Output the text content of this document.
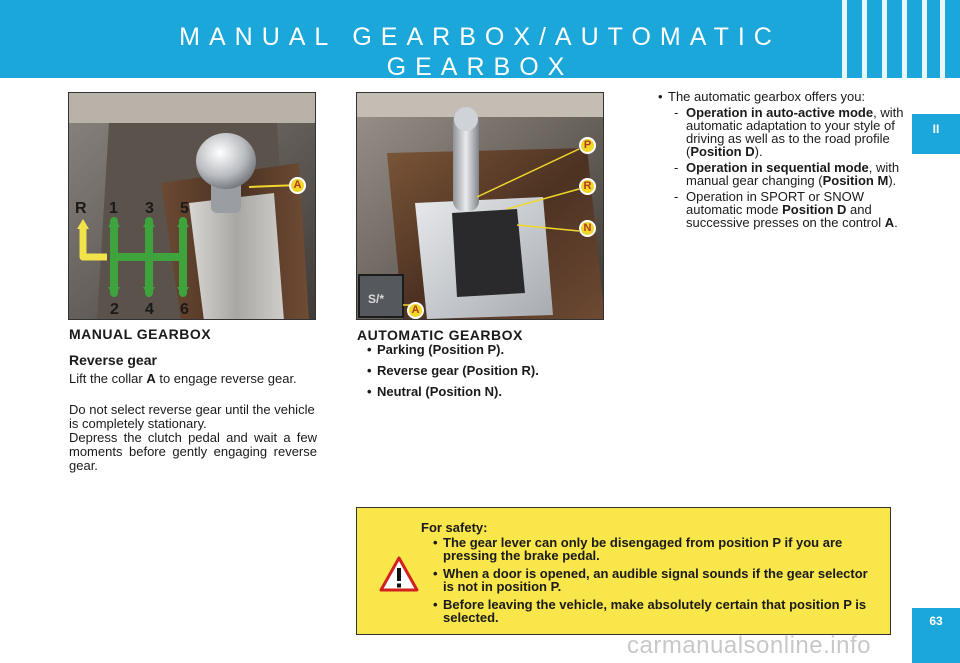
MANUAL GEARBOX/AUTOMATIC
GEARBOX
II
63
R 1 3 5
2 4 6
A
S/*
P
R
N
A
MANUAL GEARBOX
Reverse gear
Lift the collar A to engage reverse gear.
Do not select reverse gear until the vehicle is completely stationary.
Depress the clutch pedal and wait a few moments before gently engaging reverse gear.
AUTOMATIC GEARBOX
• Parking (Position P).
• Reverse gear (Position R).
• Neutral (Position N).
• The automatic gearbox offers you:
- Operation in auto-active mode, with automatic adaptation to your style of driving as well as to the road profile (Position D).
- Operation in sequential mode, with manual gear changing (Position M).
- Operation in SPORT or SNOW automatic mode Position D and successive presses on the control A.
For safety:
• The gear lever can only be disengaged from position P if you are pressing the brake pedal.
• When a door is opened, an audible signal sounds if the gear selector is not in position P.
• Before leaving the vehicle, make absolutely certain that position P is selected.
carmanualsonline.info
